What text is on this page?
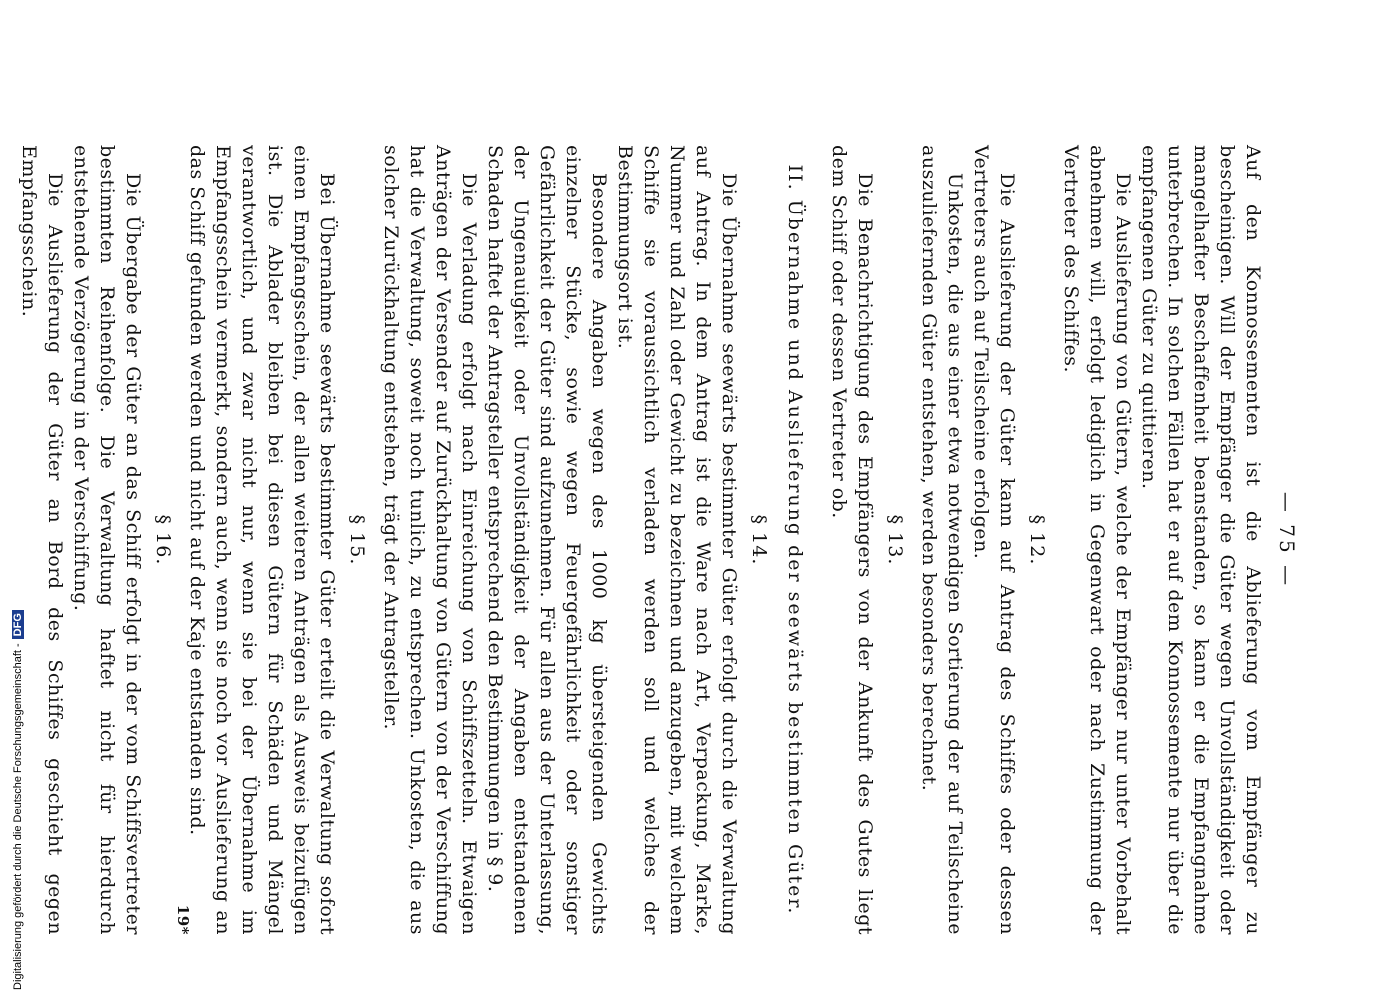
— 75 —
Auf den Konnossementen ist die Ablieferung vom Empfänger zu bescheinigen. Will der Empfänger die Güter wegen Unvollständigkeit oder mangelhafter Beschaffenheit beanstanden, so kann er die Empfangnahme unterbrechen. In solchen Fällen hat er auf dem Konnossemente nur über die empfangenen Güter zu quittieren.
Die Auslieferung von Gütern, welche der Empfänger nur unter Vorbehalt abnehmen will, erfolgt lediglich in Gegenwart oder nach Zustimmung der Vertreter des Schiffes.
§ 12.
Die Auslieferung der Güter kann auf Antrag des Schiffes oder dessen Vertreters auch auf Teilscheine erfolgen.
Unkosten, die aus einer etwa notwendigen Sortierung der auf Teilscheine auszuliefernden Güter entstehen, werden besonders berechnet.
§ 13.
Die Benachrichtigung des Empfängers von der Ankunft des Gutes liegt dem Schiff oder dessen Vertreter ob.
II. Übernahme und Auslieferung der seewärts bestimmten Güter.
§ 14.
Die Übernahme seewärts bestimmter Güter erfolgt durch die Verwaltung auf Antrag. In dem Antrag ist die Ware nach Art, Verpackung, Marke, Nummer und Zahl oder Gewicht zu bezeichnen und anzugeben, mit welchem Schiffe sie voraussichtlich verladen werden soll und welches der Bestimmungsort ist.
Besondere Angaben wegen des 1000 kg übersteigenden Gewichts einzelner Stücke, sowie wegen Feuergefährlichkeit oder sonstiger Gefährlichkeit der Güter sind aufzunehmen. Für allen aus der Unterlassung, der Ungenauigkeit oder Unvollständigkeit der Angaben entstandenen Schaden haftet der Antragsteller entsprechend den Bestimmungen in § 9.
Die Verladung erfolgt nach Einreichung von Schiffszetteln. Etwaigen Anträgen der Versender auf Zurückhaltung von Gütern von der Verschiffung hat die Verwaltung, soweit noch tunlich, zu entsprechen. Unkosten, die aus solcher Zurückhaltung entstehen, trägt der Antragsteller.
§ 15.
Bei Übernahme seewärts bestimmter Güter erteilt die Verwaltung sofort einen Empfangsschein, der allen weiteren Anträgen als Ausweis beizufügen ist. Die Ablader bleiben bei diesen Gütern für Schäden und Mängel verantwortlich, und zwar nicht nur, wenn sie bei der Übernahme im Empfangsschein vermerkt, sondern auch, wenn sie noch vor Auslieferung an das Schiff gefunden werden und nicht auf der Kaje entstanden sind.
§ 16.
Die Übergabe der Güter an das Schiff erfolgt in der vom Schiffsvertreter bestimmten Reihenfolge. Die Verwaltung haftet nicht für hierdurch entstehende Verzögerung in der Verschiffung.
Die Auslieferung der Güter an Bord des Schiffes geschieht gegen Empfangsschein.
19*
Digitalisierung gefördert durch die Deutsche Forschungsgemeinschaft -DFG
